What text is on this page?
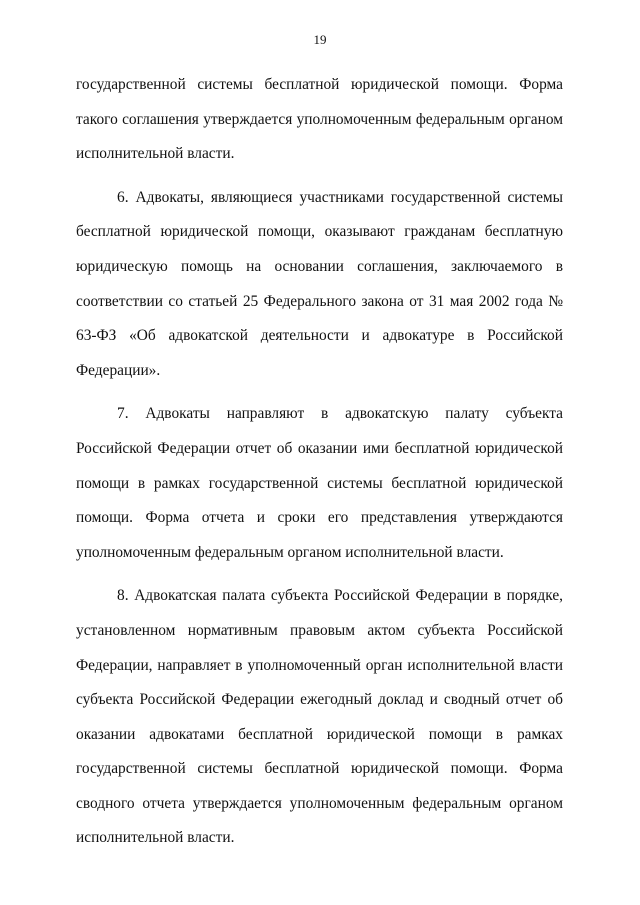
19

государственной системы бесплатной юридической помощи. Форма такого соглашения утверждается уполномоченным федеральным органом исполнительной власти.

6. Адвокаты, являющиеся участниками государственной системы бесплатной юридической помощи, оказывают гражданам бесплатную юридическую помощь на основании соглашения, заключаемого в соответствии со статьей 25 Федерального закона от 31 мая 2002 года № 63-ФЗ «Об адвокатской деятельности и адвокатуре в Российской Федерации».

7. Адвокаты направляют в адвокатскую палату субъекта Российской Федерации отчет об оказании ими бесплатной юридической помощи в рамках государственной системы бесплатной юридической помощи. Форма отчета и сроки его представления утверждаются уполномоченным федеральным органом исполнительной власти.

8. Адвокатская палата субъекта Российской Федерации в порядке, установленном нормативным правовым актом субъекта Российской Федерации, направляет в уполномоченный орган исполнительной власти субъекта Российской Федерации ежегодный доклад и сводный отчет об оказании адвокатами бесплатной юридической помощи в рамках государственной системы бесплатной юридической помощи. Форма сводного отчета утверждается уполномоченным федеральным органом исполнительной власти.
